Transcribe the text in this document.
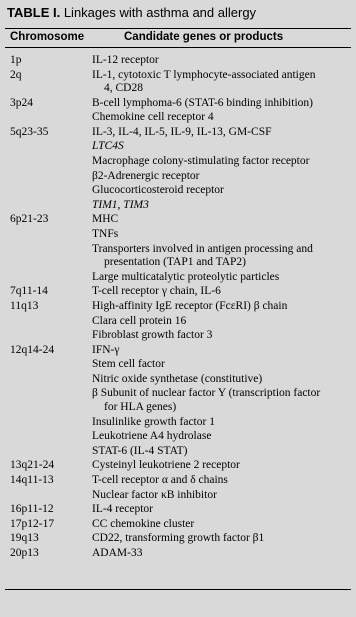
TABLE I. Linkages with asthma and allergy
Chromosome	Candidate genes or products
1p	IL-12 receptor
2q	IL-1, cytotoxic T lymphocyte-associated antigen
4, CD28
3p24	B-cell lymphoma-6 (STAT-6 binding inhibition)
Chemokine cell receptor 4
5q23-35	IL-3, IL-4, IL-5, IL-9, IL-13, GM-CSF
LTC4S
Macrophage colony-stimulating factor receptor
β2-Adrenergic receptor
Glucocorticosteroid receptor
TIM1, TIM3
6p21-23	MHC
TNFs
Transporters involved in antigen processing and
presentation (TAP1 and TAP2)
Large multicatalytic proteolytic particles
7q11-14	T-cell receptor γ chain, IL-6
11q13	High-affinity IgE receptor (FcεRI) β chain
Clara cell protein 16
Fibroblast growth factor 3
12q14-24	IFN-γ
Stem cell factor
Nitric oxide synthetase (constitutive)
β Subunit of nuclear factor Y (transcription factor
for HLA genes)
Insulinlike growth factor 1
Leukotriene A4 hydrolase
STAT-6 (IL-4 STAT)
13q21-24	Cysteinyl leukotriene 2 receptor
14q11-13	T-cell receptor α and δ chains
Nuclear factor κB inhibitor
16p11-12	IL-4 receptor
17p12-17	CC chemokine cluster
19q13	CD22, transforming growth factor β1
20p13	ADAM-33
